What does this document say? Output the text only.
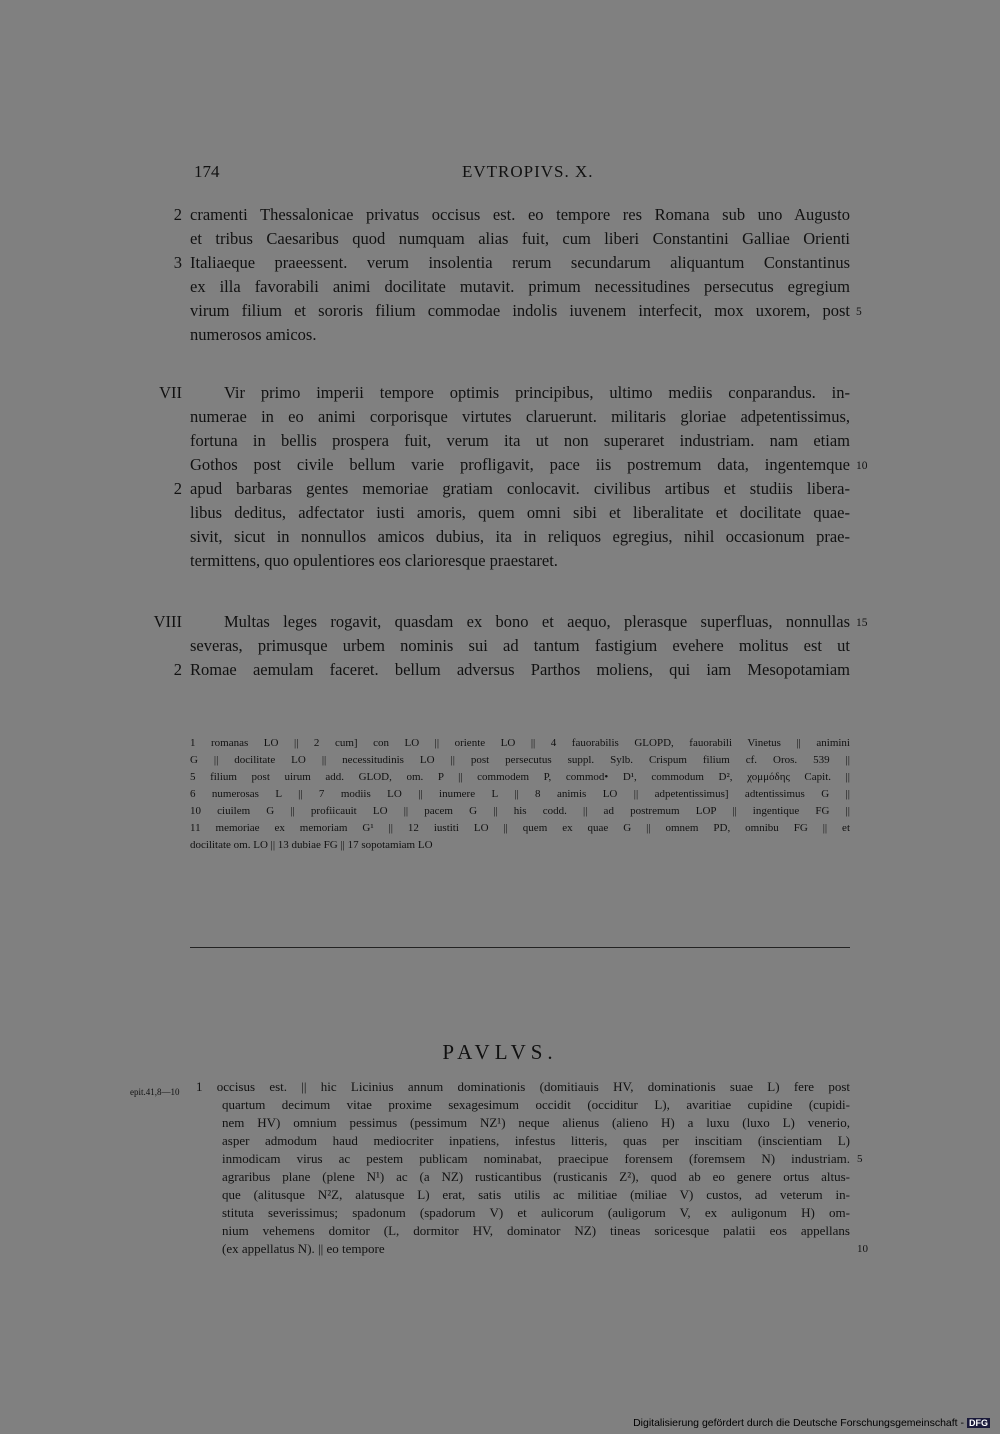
174	EVTROPIVS. X.
2 cramenti Thessalonicae privatus occisus est. eo tempore res Romana sub uno Augusto
et tribus Caesaribus quod numquam alias fuit, cum liberi Constantini Galliae Orienti
3 Italiaeque praeessent. verum insolentia rerum secundarum aliquantum Constantinus
ex illa favorabili animi docilitate mutavit. primum necessitudines persecutus egregium
virum filium et sororis filium commodae indolis iuvenem interfecit, mox uxorem, post 5
numerosos amicos.
VII	Vir primo imperii tempore optimis principibus, ultimo mediis conparandus. in-
numerae in eo animi corporisque virtutes claruerunt. militaris gloriae adpetentissimus,
fortuna in bellis prospera fuit, verum ita ut non superaret industriam. nam etiam
Gothos post civile bellum varie profligavit, pace iis postremum data, ingentemque 10
2 apud barbaras gentes memoriae gratiam conlocavit. civilibus artibus et studiis libera-
libus deditus, adfectator iusti amoris, quem omni sibi et liberalitate et docilitate quae-
sivit, sicut in nonnullos amicos dubius, ita in reliquos egregius, nihil occasionum prae-
termittens, quo opulentiores eos clarioresque praestaret.
VIII	Multas leges rogavit, quasdam ex bono et aequo, plerasque superfluas, nonnullas 15
severas, primusque urbem nominis sui ad tantum fastigium evehere molitus est ut
2 Romae aemulam faceret. bellum adversus Parthos moliens, qui iam Mesopotamiam
1 romanas LO || 2 cum] con LO || oriente LO || 4 fauorabilis GLOPD, fauorabili Vinetus || animini
G || docilitate LO || necessitudinis LO || post persecutus suppl. Sylb. Crispum filium cf. Oros. 539 ||
5 filium post uirum add. GLOD, om. P || commodem P, commod• D¹, commodum D², χομμόδης Capit. ||
6 numerosas L || 7 modiis LO || inumere L || 8 animis LO || adpetentissimus] adtentissimus G ||
10 ciuilem G || profiicauit LO || pacem G || his codd. || ad postremum LOP || ingentique FG ||
11 memoriae ex memoriam G¹ || 12 iustiti LO || quem ex quae G || omnem PD, omnibu FG || et
docilitate om. LO || 13 dubiae FG || 17 sopotamiam LO
PAVLVS.
epit.41,8—10 1 occisus est. || hic Licinius annum dominationis (domitiauis HV, dominationis suae L) fere post
quartum decimum vitae proxime sexagesimum occidit (occiditur L), avaritiae cupidine (cupidi-
nem HV) omnium pessimus (pessimum NZ¹) neque alienus (alieno H) a luxu (luxo L) venerio,
asper admodum haud mediocriter inpatiens, infestus litteris, quas per inscitiam (inscientiam L)
inmodicam virus ac pestem publicam nominabat, praecipue forensem (foremsem N) industriam. 5
agraribus plane (plene N¹) ac (a NZ) rusticantibus (rusticanis Z²), quod ab eo genere ortus altus-
que (alitusque N²Z, alatusque L) erat, satis utilis ac militiae (miliae V) custos, ad veterum in-
stituta severissimus; spadonum (spadorum V) et aulicorum (auligorum V, ex auligonum H) om-
nium vehemens domitor (L, dormitor HV, dominator NZ) tineas soricesque palatii eos appellans
(ex appellatus N). || eo tempore	10
Digitalisierung gefördert durch die Deutsche Forschungsgemeinschaft - DFG
